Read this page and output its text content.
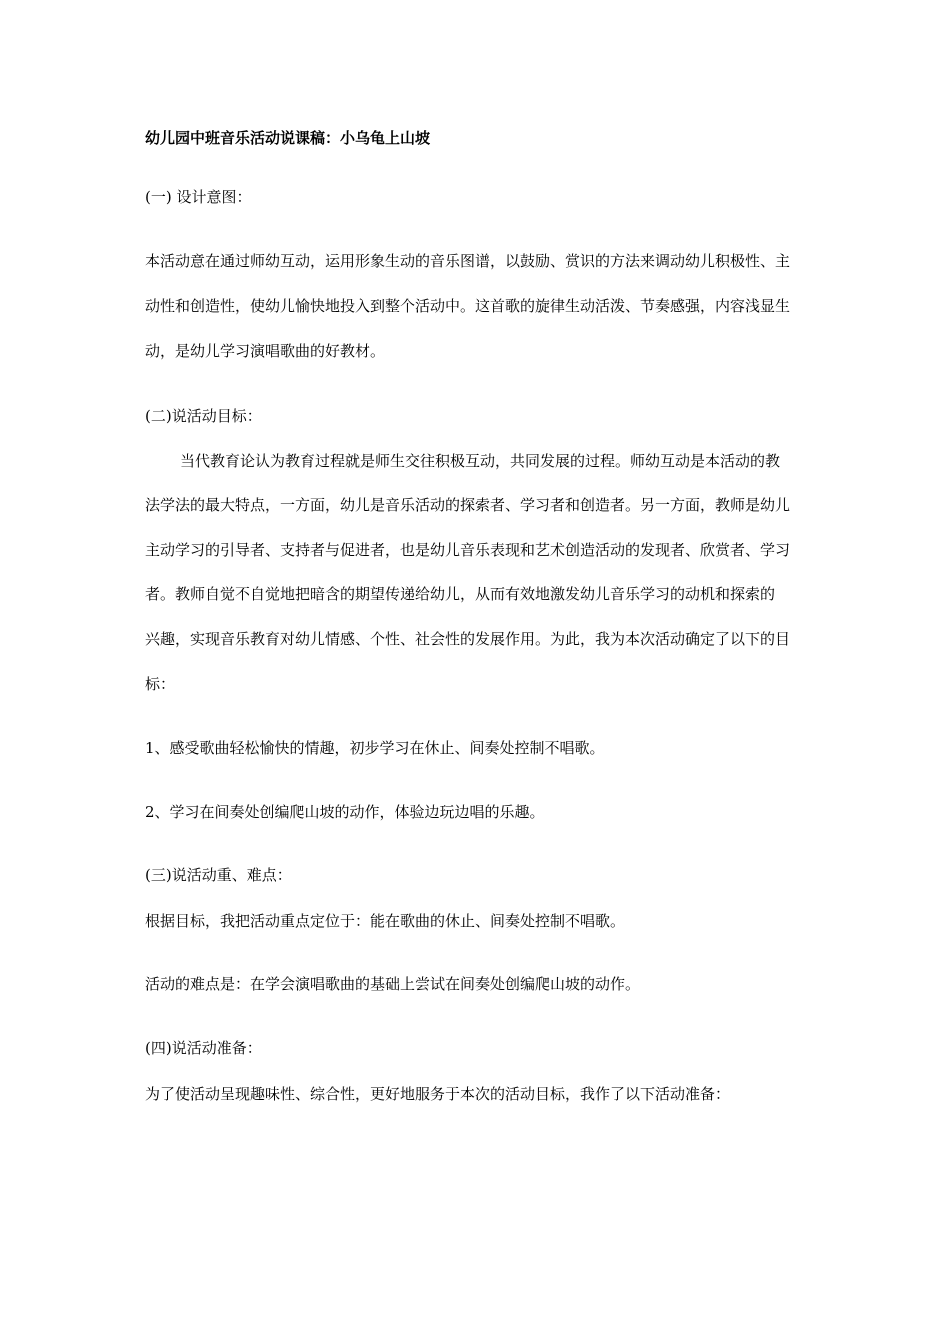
幼儿园中班音乐活动说课稿：小乌龟上山坡
(一) 设计意图：
本活动意在通过师幼互动，运用形象生动的音乐图谱，以鼓励、赏识的方法来调动幼儿积极性、主
动性和创造性，使幼儿愉快地投入到整个活动中。这首歌的旋律生动活泼、节奏感强，内容浅显生
动，是幼儿学习演唱歌曲的好教材。
(二)说活动目标：
当代教育论认为教育过程就是师生交往积极互动，共同发展的过程。师幼互动是本活动的教
法学法的最大特点，一方面，幼儿是音乐活动的探索者、学习者和创造者。另一方面，教师是幼儿
主动学习的引导者、支持者与促进者，也是幼儿音乐表现和艺术创造活动的发现者、欣赏者、学习
者。教师自觉不自觉地把暗含的期望传递给幼儿，从而有效地激发幼儿音乐学习的动机和探索的
兴趣，实现音乐教育对幼儿情感、个性、社会性的发展作用。为此，我为本次活动确定了以下的目
标：
1、感受歌曲轻松愉快的情趣，初步学习在休止、间奏处控制不唱歌。
2、学习在间奏处创编爬山坡的动作，体验边玩边唱的乐趣。
(三)说活动重、难点：
根据目标，我把活动重点定位于：能在歌曲的休止、间奏处控制不唱歌。
活动的难点是：在学会演唱歌曲的基础上尝试在间奏处创编爬山坡的动作。
(四)说活动准备：
为了使活动呈现趣味性、综合性，更好地服务于本次的活动目标，我作了以下活动准备：
